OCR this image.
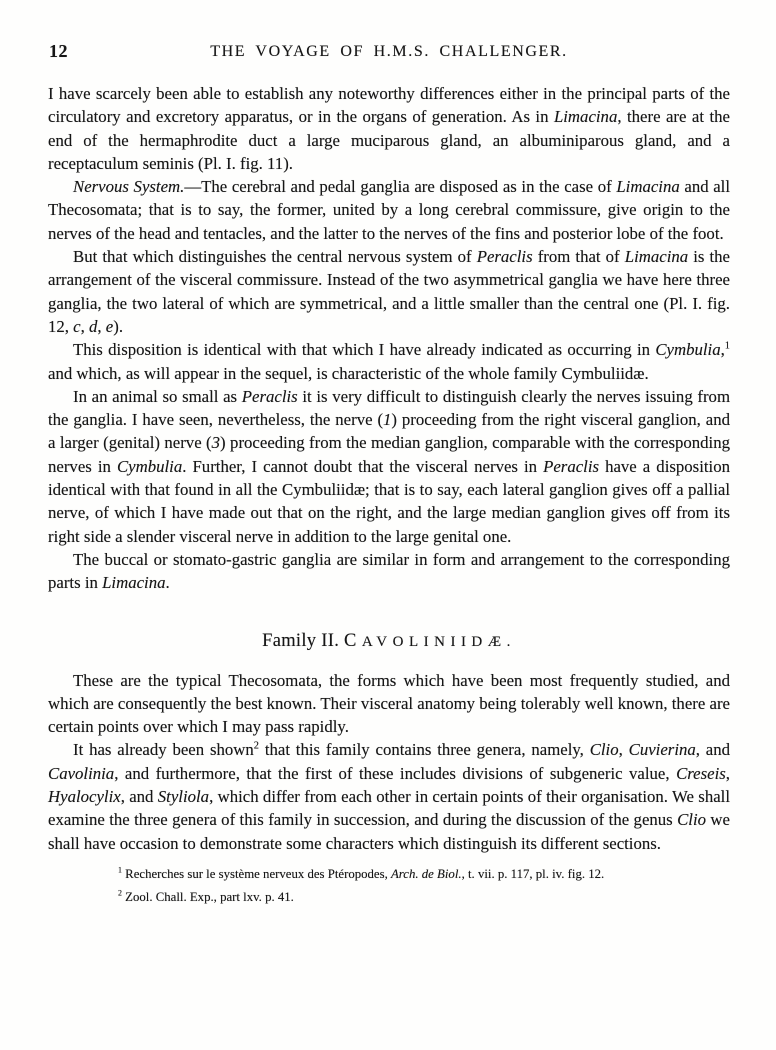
12	THE VOYAGE OF H.M.S. CHALLENGER.

I have scarcely been able to establish any noteworthy differences either in the principal parts of the circulatory and excretory apparatus, or in the organs of generation. As in Limacina, there are at the end of the hermaphrodite duct a large muciparous gland, an albuminiparous gland, and a receptaculum seminis (Pl. I. fig. 11).

Nervous System.—The cerebral and pedal ganglia are disposed as in the case of Limacina and all Thecosomata; that is to say, the former, united by a long cerebral commissure, give origin to the nerves of the head and tentacles, and the latter to the nerves of the fins and posterior lobe of the foot.

But that which distinguishes the central nervous system of Peraclis from that of Limacina is the arrangement of the visceral commissure. Instead of the two asymmetrical ganglia we have here three ganglia, the two lateral of which are symmetrical, and a little smaller than the central one (Pl. I. fig. 12, c, d, e).

This disposition is identical with that which I have already indicated as occurring in Cymbulia,$^1$ and which, as will appear in the sequel, is characteristic of the whole family Cymbuliidæ.

In an animal so small as Peraclis it is very difficult to distinguish clearly the nerves issuing from the ganglia. I have seen, nevertheless, the nerve (1) proceeding from the right visceral ganglion, and a larger (genital) nerve (3) proceeding from the median ganglion, comparable with the corresponding nerves in Cymbulia. Further, I cannot doubt that the visceral nerves in Peraclis have a disposition identical with that found in all the Cymbuliidæ; that is to say, each lateral ganglion gives off a pallial nerve, of which I have made out that on the right, and the large median ganglion gives off from its right side a slender visceral nerve in addition to the large genital one.

The buccal or stomato-gastric ganglia are similar in form and arrangement to the corresponding parts in Limacina.

Family II. CAVOLINIIDÆ.

These are the typical Thecosomata, the forms which have been most frequently studied, and which are consequently the best known. Their visceral anatomy being tolerably well known, there are certain points over which I may pass rapidly.

It has already been shown$^2$ that this family contains three genera, namely, Clio, Cuvierina, and Cavolinia, and furthermore, that the first of these includes divisions of subgeneric value, Creseis, Hyalocylix, and Styliola, which differ from each other in certain points of their organisation. We shall examine the three genera of this family in succession, and during the discussion of the genus Clio we shall have occasion to demonstrate some characters which distinguish its different sections.

$^1$ Recherches sur le système nerveux des Ptéropodes, Arch. de Biol., t. vii. p. 117, pl. iv. fig. 12.

$^2$ Zool. Chall. Exp., part lxv. p. 41.
